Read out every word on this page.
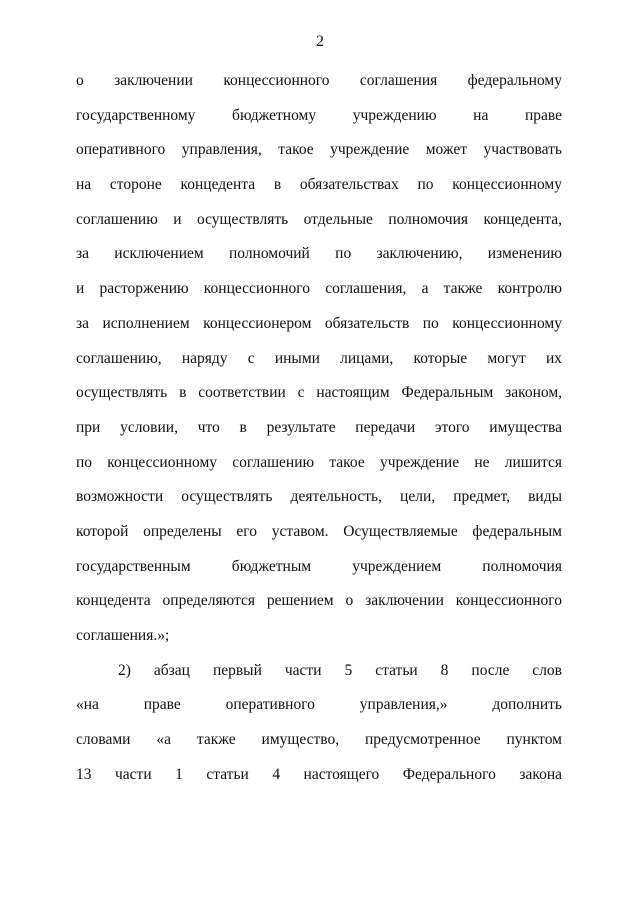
2
о заключении концессионного соглашения федеральному
государственному бюджетному учреждению на праве
оперативного управления, такое учреждение может участвовать
на стороне концедента в обязательствах по концессионному
соглашению и осуществлять отдельные полномочия концедента,
за исключением полномочий по заключению, изменению
и расторжению концессионного соглашения, а также контролю
за исполнением концессионером обязательств по концессионному
соглашению, наряду с иными лицами, которые могут их
осуществлять в соответствии с настоящим Федеральным законом,
при условии, что в результате передачи этого имущества
по концессионному соглашению такое учреждение не лишится
возможности осуществлять деятельность, цели, предмет, виды
которой определены его уставом. Осуществляемые федеральным
государственным бюджетным учреждением полномочия
концедента определяются решением о заключении концессионного
соглашения.»;
2) абзац первый части 5 статьи 8 после слов
«на праве оперативного управления,» дополнить
словами «а также имущество, предусмотренное пунктом
13 части 1 статьи 4 настоящего Федерального закона
